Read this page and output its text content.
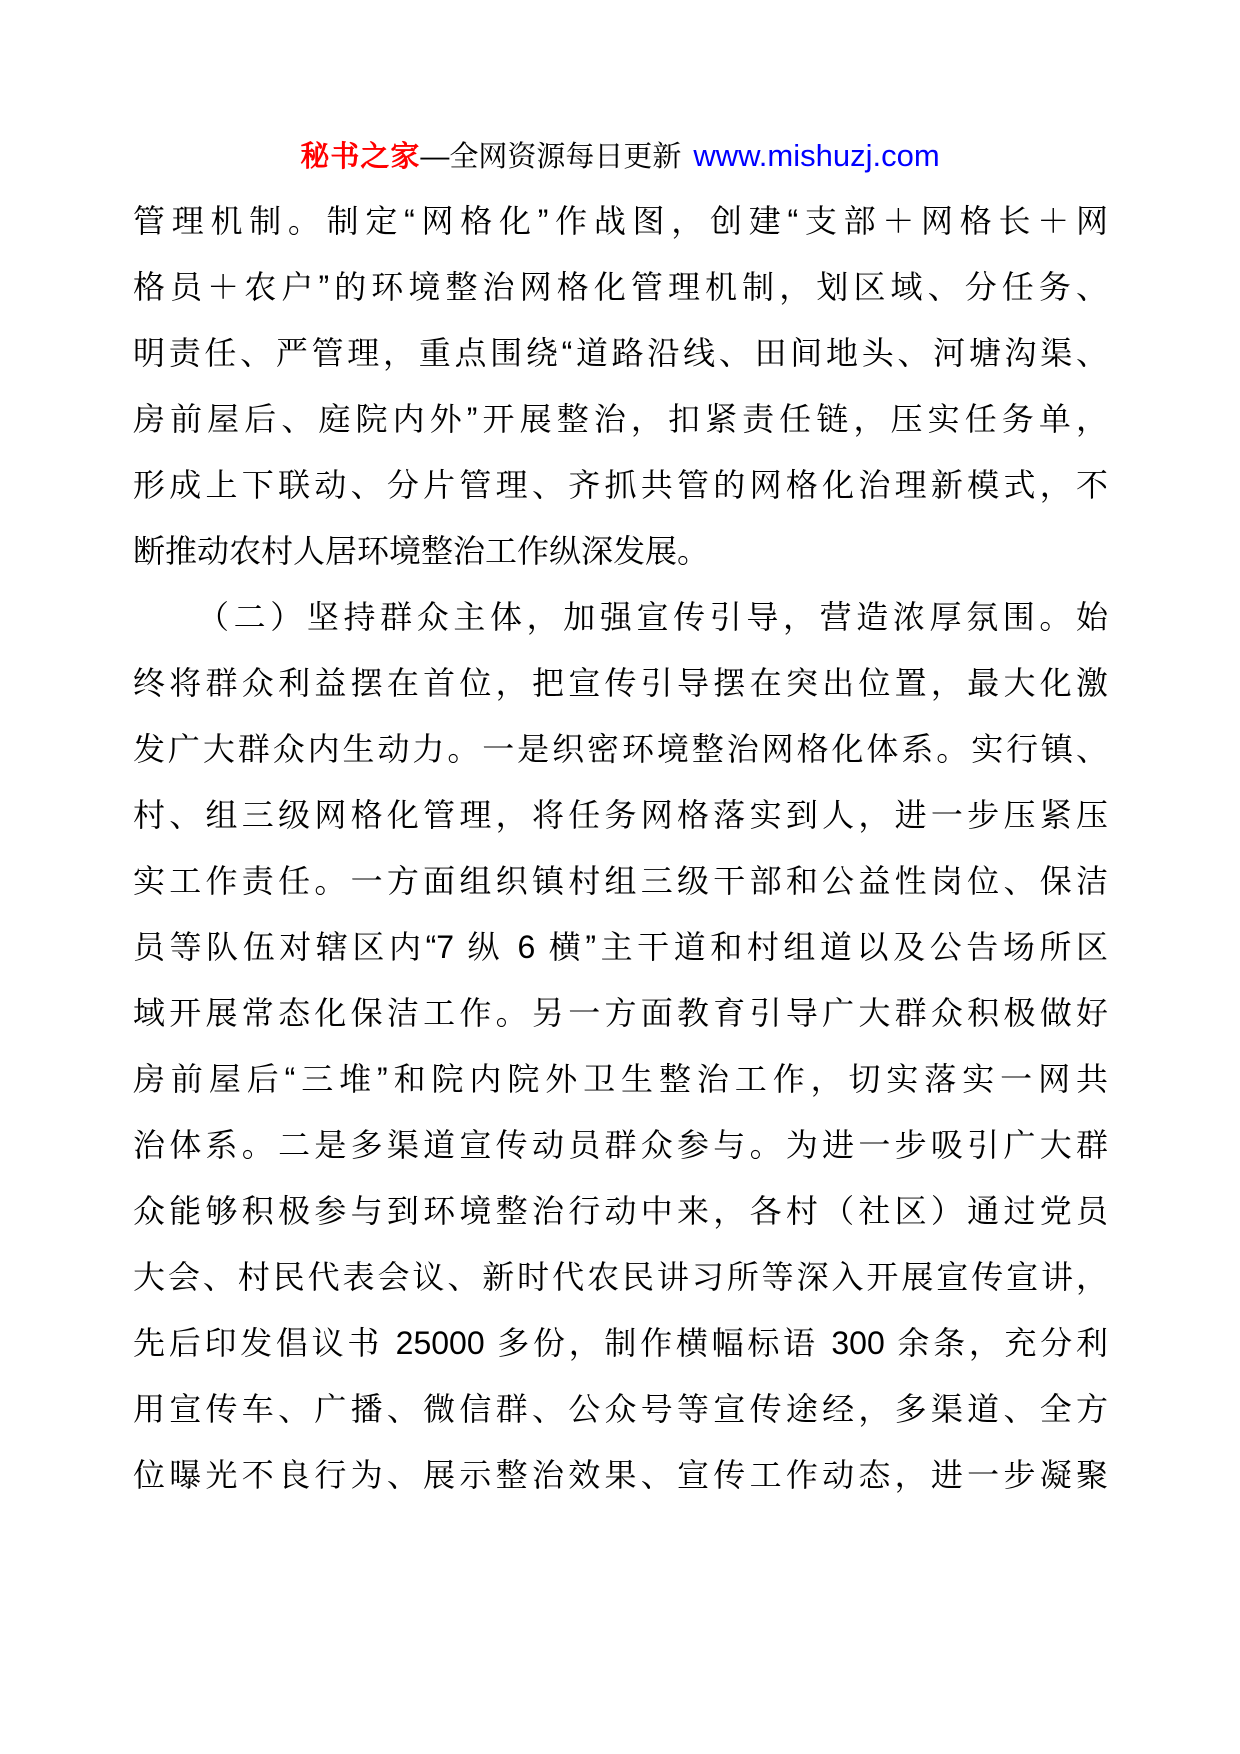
秘书之家—全网资源每日更新 www.mishuzj.com
管理机制。制定“网格化”作战图，创建“支部＋网格长＋网
格员＋农户”的环境整治网格化管理机制，划区域、分任务、
明责任、严管理，重点围绕“道路沿线、田间地头、河塘沟渠、
房前屋后、庭院内外”开展整治，扣紧责任链，压实任务单，
形成上下联动、分片管理、齐抓共管的网格化治理新模式，不
断推动农村人居环境整治工作纵深发展。
（二）坚持群众主体，加强宣传引导，营造浓厚氛围。始
终将群众利益摆在首位，把宣传引导摆在突出位置，最大化激
发广大群众内生动力。一是织密环境整治网格化体系。实行镇、
村、组三级网格化管理，将任务网格落实到人，进一步压紧压
实工作责任。一方面组织镇村组三级干部和公益性岗位、保洁
员等队伍对辖区内“7 纵 6 横”主干道和村组道以及公告场所区
域开展常态化保洁工作。另一方面教育引导广大群众积极做好
房前屋后“三堆”和院内院外卫生整治工作，切实落实一网共
治体系。二是多渠道宣传动员群众参与。为进一步吸引广大群
众能够积极参与到环境整治行动中来，各村（社区）通过党员
大会、村民代表会议、新时代农民讲习所等深入开展宣传宣讲，
先后印发倡议书 25000 多份，制作横幅标语 300 余条，充分利
用宣传车、广播、微信群、公众号等宣传途经，多渠道、全方
位曝光不良行为、展示整治效果、宣传工作动态，进一步凝聚
